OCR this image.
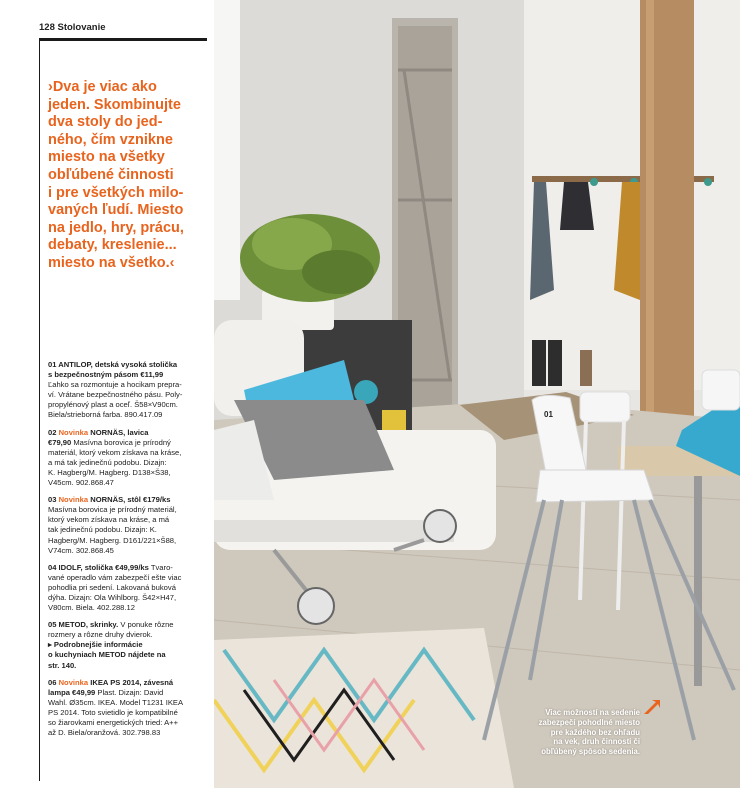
128 Stolovanie
›Dva je viac ako
jeden. Skombinujte
dva stoly do jed-
ného, čím vznikne
miesto na všetky
obľúbené činnosti
i pre všetkých milo-
vaných ľudí. Miesto
na jedlo, hry, prácu,
debaty, kreslenie...
miesto na všetko.‹
01 ANTILOP, detská vysoká stolička
s bezpečnostným pásom €11,99
Ľahko sa rozmontuje a hocikam prepra-
ví. Vrátane bezpečnostného pásu. Poly-
propylénový plast a oceľ. Š58×V90cm.
Biela/strieborná farba. 890.417.09
02 Novinka NORNÄS, lavica
€79,90 Masívna borovica je prírodný
materiál, ktorý vekom získava na kráse,
a má tak jedinečnú podobu. Dizajn:
K. Hagberg/M. Hagberg. D138×Š38,
V45cm. 902.868.47
03 Novinka NORNÄS, stôl €179/ks
Masívna borovica je prírodný materiál,
ktorý vekom získava na kráse, a má
tak jedinečnú podobu. Dizajn: K.
Hagberg/M. Hagberg. D161/221×Š88,
V74cm. 302.868.45
04 IDOLF, stolička €49,99/ks Tvaro-
vané operadlo vám zabezpečí ešte viac
pohodlia pri sedení. Lakovaná buková
dýha. Dizajn: Ola Wihlborg. Š42×H47,
V80cm. Biela. 402.288.12
05 METOD, skrinky. V ponuke rôzne
rozmery a rôzne druhy dvierok.
▸ Podrobnejšie informácie
o kuchyniach METOD nájdete na
str. 140.
06 Novinka IKEA PS 2014, závesná
lampa €49,99 Plast. Dizajn: David
Wahl. Ø35cm. IKEA. Model T1231 IKEA
PS 2014. Toto svietidlo je kompatibilné
so žiarovkami energetických tried: A++
až D. Biela/oranžová. 302.798.83
01
Viac možností na sedenie
zabezpečí pohodlné miesto
pre každého bez ohľadu
na vek, druh činnosti či
obľúbený spôsob sedenia.
